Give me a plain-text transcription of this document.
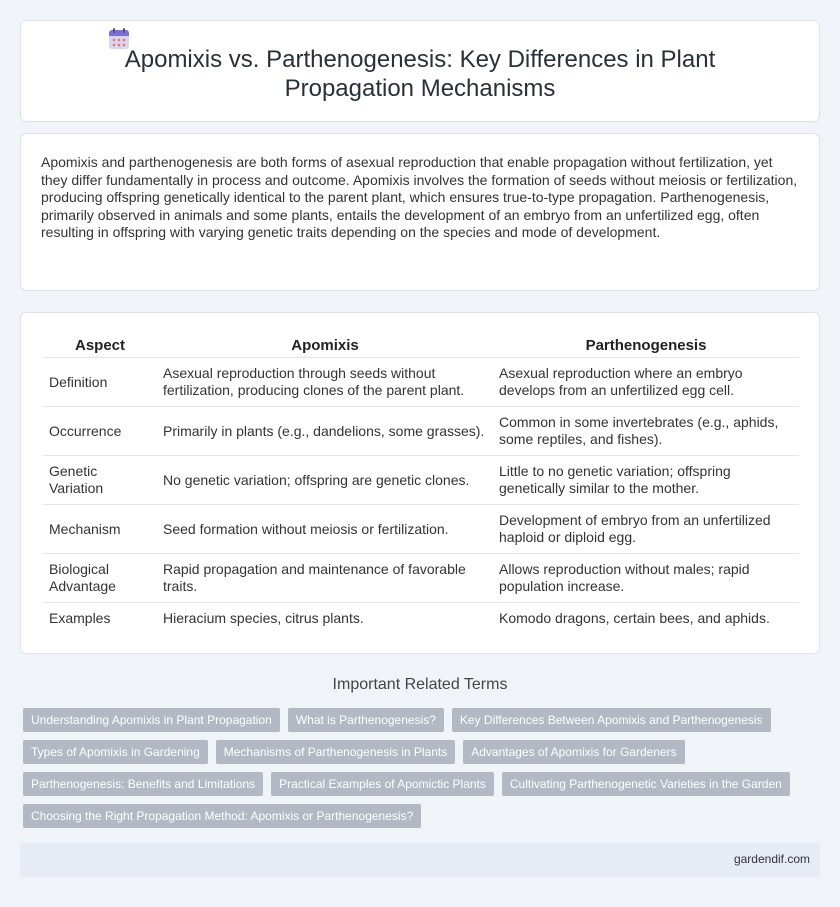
Apomixis vs. Parthenogenesis: Key Differences in Plant Propagation Mechanisms

Apomixis and parthenogenesis are both forms of asexual reproduction that enable propagation without fertilization, yet they differ fundamentally in process and outcome. Apomixis involves the formation of seeds without meiosis or fertilization, producing offspring genetically identical to the parent plant, which ensures true-to-type propagation. Parthenogenesis, primarily observed in animals and some plants, entails the development of an embryo from an unfertilized egg, often resulting in offspring with varying genetic traits depending on the species and mode of development.

Aspect	Apomixis	Parthenogenesis
Definition	Asexual reproduction through seeds without fertilization, producing clones of the parent plant.	Asexual reproduction where an embryo develops from an unfertilized egg cell.
Occurrence	Primarily in plants (e.g., dandelions, some grasses).	Common in some invertebrates (e.g., aphids, some reptiles, and fishes).
Genetic Variation	No genetic variation; offspring are genetic clones.	Little to no genetic variation; offspring genetically similar to the mother.
Mechanism	Seed formation without meiosis or fertilization.	Development of embryo from an unfertilized haploid or diploid egg.
Biological Advantage	Rapid propagation and maintenance of favorable traits.	Allows reproduction without males; rapid population increase.
Examples	Hieracium species, citrus plants.	Komodo dragons, certain bees, and aphids.
Important Related Terms
Understanding Apomixis in Plant Propagation	What is Parthenogenesis?	Key Differences Between Apomixis and Parthenogenesis
Types of Apomixis in Gardening	Mechanisms of Parthenogenesis in Plants	Advantages of Apomixis for Gardeners
Parthenogenesis: Benefits and Limitations	Practical Examples of Apomictic Plants	Cultivating Parthenogenetic Varieties in the Garden
Choosing the Right Propagation Method: Apomixis or Parthenogenesis?
gardendif.com
